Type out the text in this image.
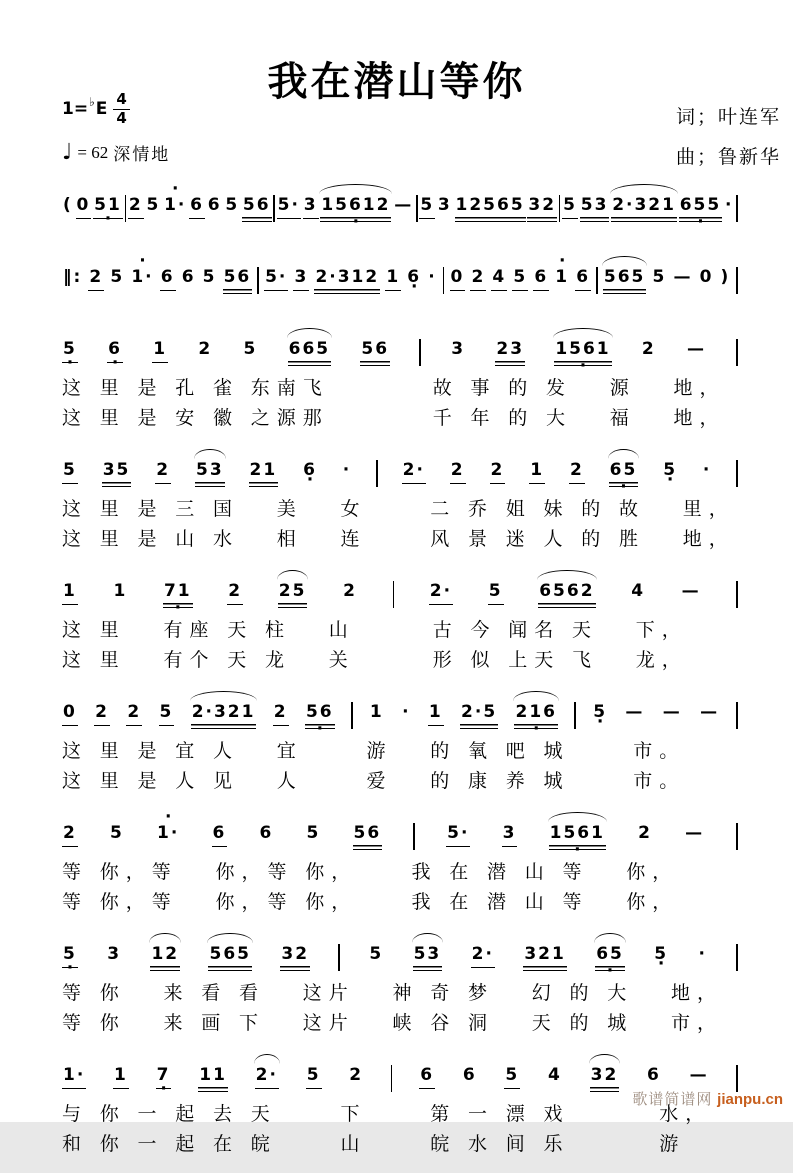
我在潜山等你
1= ♭ E $\frac{4}{4}$
♩ = 62 深情地
词；叶连军
曲；鲁新华
( 0 51 · 2 5 · 1· 6 6 5 56 5· 3 15612 · — 5 3 12565 32 5 53 2·321 655 · ·
‖: 2 5 · 1· 6 6 5 56 5· 3 2·312 1 6 · · 0 2 4 5 6 · 1 6 565 5 — 0 )
5 · 6 · 1 2 5 665 56	3 23 1561 · 2 —
这 里 是 孔 雀 东南飞　　　　故 事 的 发　 源　 地，
这 里 是 安 徽 之源那　　　　千 年 的 大　 福　 地，
5 35 2 53 21 6 · ·	2· 2 2 1 2 65 · 5 · ·
这 里 是 三 国　 美　 女　　 二 乔 姐 妹 的 故　 里，
这 里 是 山 水　 相　 连　　 风 景 迷 人 的 胜　 地，
1 1 71 · 2 25 2	2· 5 6562 4 —
这 里　 有座 天 柱　 山　　　古 今 闻名 天　 下，
这 里　 有个 天 龙　 关　　　形 似 上天 飞　 龙，
0 2 2 5 2·321 2 56 · 1 · 1 2·5 216 · 5 · — — —
这 里 是 宜 人　 宜　　 游　 的 氧 吧 城　　 市。
这 里 是 人 见　 人　　 爱　 的 康 养 城　　 市。
2 5 · 1· 6 6 5 56	5· 3 1561 · 2 —
等 你，等　 你，等 你，　　 我 在 潜 山 等　 你，
等 你，等　 你，等 你，　　 我 在 潜 山 等　 你，
5 · 3 12 565 32	5 53 2· 321 65 · 5 · ·
等 你　 来 看 看　 这片　 神 奇 梦　 幻 的 大　 地，
等 你　 来 画 下　 这片　 峡 谷 洞　 天 的 城　 市，
1· 1 7 · 11 2· 5 2	6 6 5 4 32 6 —
与 你 一 起 去 天　　 下　　 第 一 漂 戏　　　 水，
和 你 一 起 在 皖　　 山　　 皖 水 间 乐　　　 游
歌谱简谱网 jianpu.cn
